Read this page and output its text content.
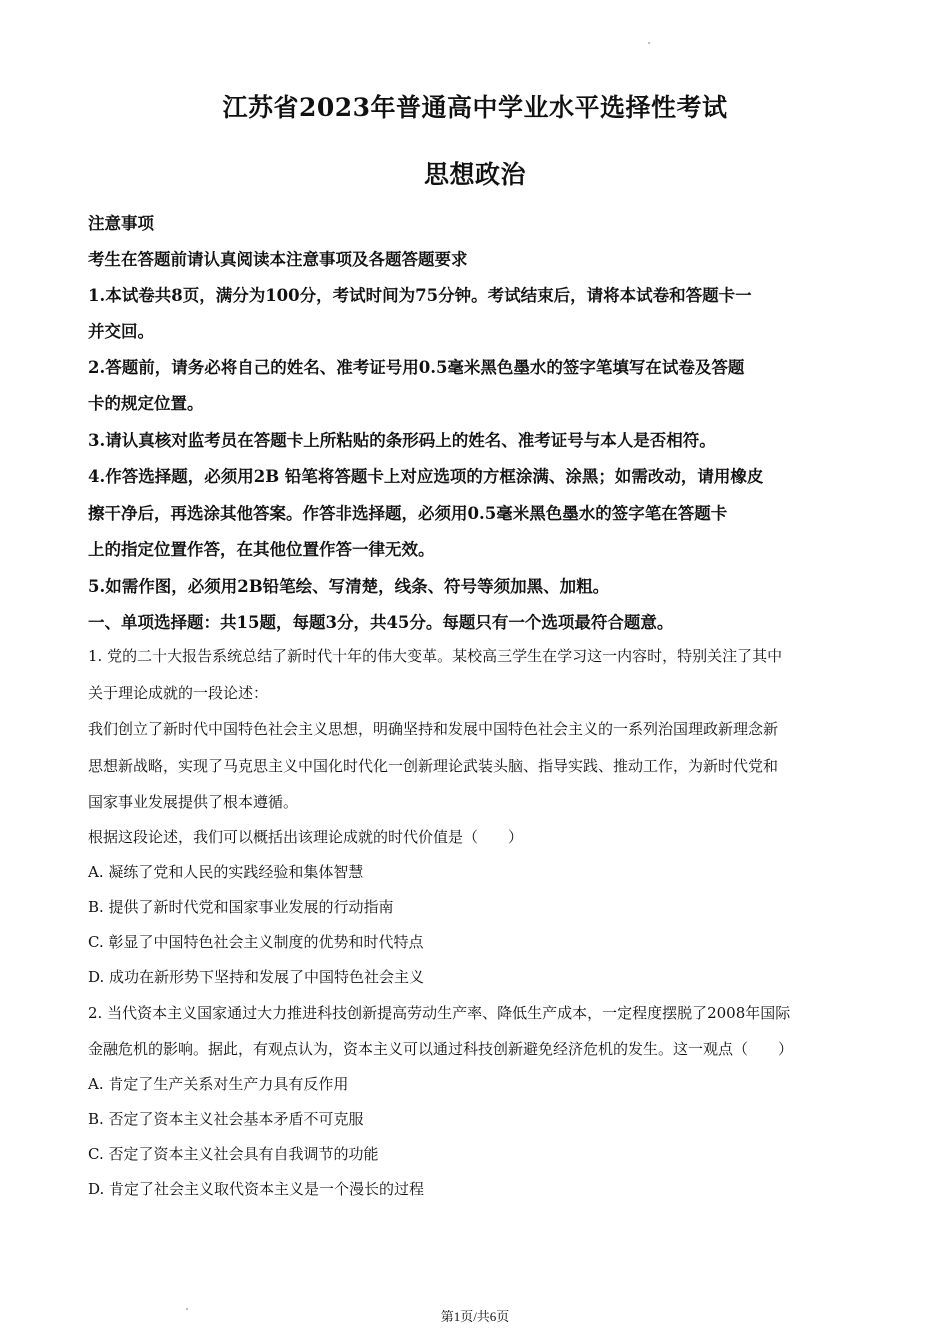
江苏省2023年普通高中学业水平选择性考试
思想政治
注意事项
考生在答题前请认真阅读本注意事项及各题答题要求
1.本试卷共8页，满分为100分，考试时间为75分钟。考试结束后，请将本试卷和答题卡一
并交回。
2.答题前，请务必将自己的姓名、准考证号用0.5毫米黑色墨水的签字笔填写在试卷及答题
卡的规定位置。
3.请认真核对监考员在答题卡上所粘贴的条形码上的姓名、准考证号与本人是否相符。
4.作答选择题，必须用2B 铅笔将答题卡上对应选项的方框涂满、涂黑；如需改动，请用橡皮
擦干净后，再选涂其他答案。作答非选择题，必须用0.5毫米黑色墨水的签字笔在答题卡
上的指定位置作答，在其他位置作答一律无效。
5.如需作图，必须用2B铅笔绘、写清楚，线条、符号等须加黑、加粗。
一、单项选择题：共15题，每题3分，共45分。每题只有一个选项最符合题意。
1. 党的二十大报告系统总结了新时代十年的伟大变革。某校高三学生在学习这一内容时，特别关注了其中
关于理论成就的一段论述：
我们创立了新时代中国特色社会主义思想，明确坚持和发展中国特色社会主义的一系列治国理政新理念新
思想新战略，实现了马克思主义中国化时代化一创新理论武装头脑、指导实践、推动工作，为新时代党和
国家事业发展提供了根本遵循。
根据这段论述，我们可以概括出该理论成就的时代价值是（　　）
A. 凝练了党和人民的实践经验和集体智慧
B. 提供了新时代党和国家事业发展的行动指南
C. 彰显了中国特色社会主义制度的优势和时代特点
D. 成功在新形势下坚持和发展了中国特色社会主义
2. 当代资本主义国家通过大力推进科技创新提高劳动生产率、降低生产成本，一定程度摆脱了2008年国际
金融危机的影响。据此，有观点认为，资本主义可以通过科技创新避免经济危机的发生。这一观点（　　）
A. 肯定了生产关系对生产力具有反作用
B. 否定了资本主义社会基本矛盾不可克服
C. 否定了资本主义社会具有自我调节的功能
D. 肯定了社会主义取代资本主义是一个漫长的过程
第1页/共6页
